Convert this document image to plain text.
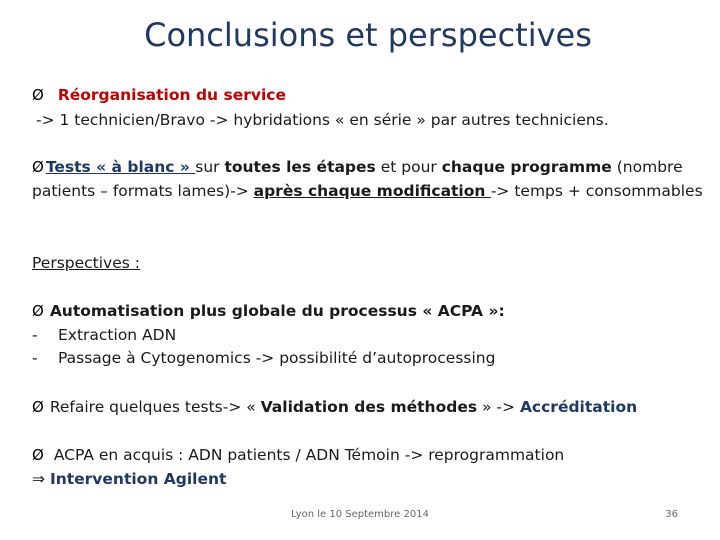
Conclusions et perspectives
Ø Réorganisation du service
-> 1 technicien/Bravo -> hybridations « en série » par autres techniciens.
Ø Tests « à blanc » sur toutes les étapes et pour chaque programme (nombre
patients – formats lames)-> après chaque modification -> temps + consommables
Perspectives :
Ø Automatisation plus globale du processus « ACPA »:
- Extraction ADN
- Passage à Cytogenomics -> possibilité d’autoprocessing
Ø Refaire quelques tests-> « Validation des méthodes » -> Accréditation
Ø ACPA en acquis : ADN patients / ADN Témoin -> reprogrammation
⇒ Intervention Agilent
Lyon le 10 Septembre 2014	36
